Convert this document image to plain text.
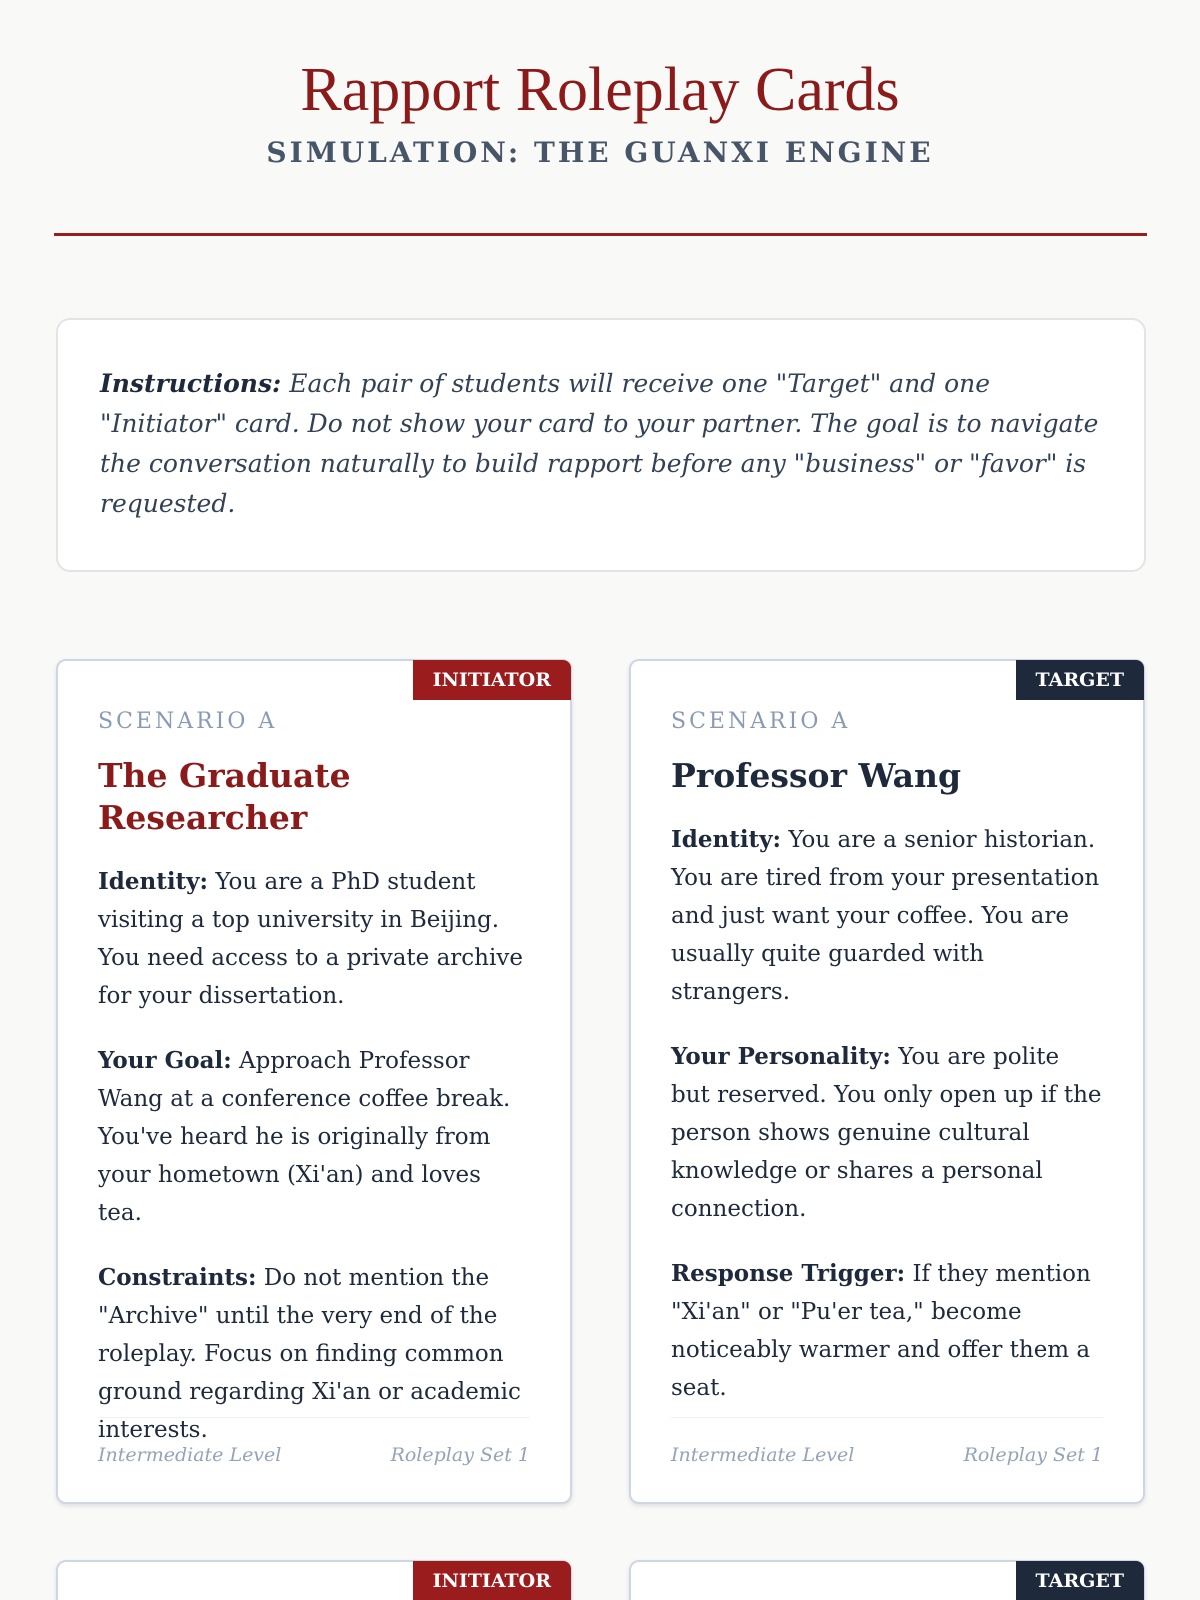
Rapport Roleplay Cards
SIMULATION: THE GUANXI ENGINE
Instructions: Each pair of students will receive one "Target" and one "Initiator" card. Do not show your card to your partner. The goal is to navigate the conversation naturally to build rapport before any "business" or "favor" is requested.
INITIATOR
SCENARIO A
The Graduate Researcher

Identity: You are a PhD student visiting a top university in Beijing. You need access to a private archive for your dissertation.

Your Goal: Approach Professor Wang at a conference coffee break. You've heard he is originally from your hometown (Xi'an) and loves tea.

Constraints: Do not mention the "Archive" until the very end of the roleplay. Focus on finding common ground regarding Xi'an or academic interests.

Intermediate Level	Roleplay Set 1
TARGET
SCENARIO A
Professor Wang

Identity: You are a senior historian. You are tired from your presentation and just want your coffee. You are usually quite guarded with strangers.

Your Personality: You are polite but reserved. You only open up if the person shows genuine cultural knowledge or shares a personal connection.

Response Trigger: If they mention "Xi'an" or "Pu'er tea," become noticeably warmer and offer them a seat.

Intermediate Level	Roleplay Set 1
INITIATOR	TARGET
